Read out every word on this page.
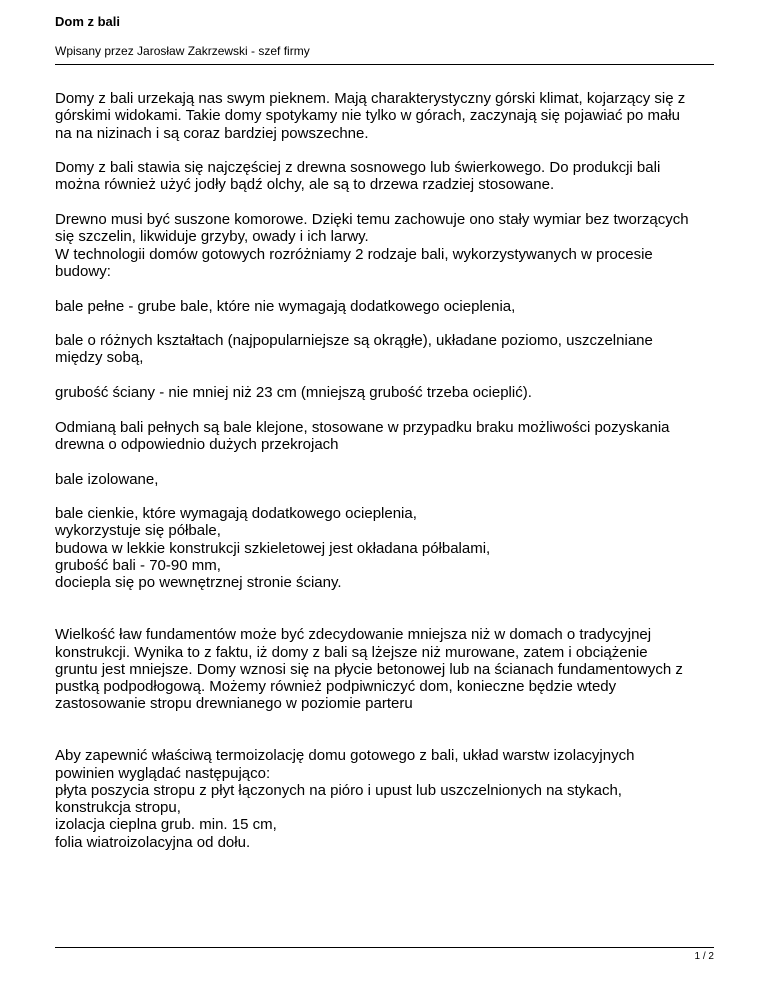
Dom z bali
Wpisany przez Jarosław Zakrzewski - szef firmy

Domy z bali urzekają nas swym pieknem. Mają charakterystyczny górski klimat, kojarzący się z
górskimi widokami. Takie domy spotykamy nie tylko w górach, zaczynają się pojawiać po mału
na na nizinach i są coraz bardziej powszechne.

Domy z bali stawia się najczęściej z drewna sosnowego lub świerkowego. Do produkcji bali
można również użyć jodły bądź olchy, ale są to drzewa rzadziej stosowane.

Drewno musi być suszone komorowe. Dzięki temu zachowuje ono stały wymiar bez tworzących
się szczelin, likwiduje grzyby, owady i ich larwy.
W technologii domów gotowych rozróżniamy 2 rodzaje bali, wykorzystywanych w procesie
budowy:

bale pełne - grube bale, które nie wymagają dodatkowego ocieplenia,

bale o różnych kształtach (najpopularniejsze są okrągłe), układane poziomo, uszczelniane
między sobą,

grubość ściany - nie mniej niż 23 cm (mniejszą grubość trzeba ocieplić).

Odmianą bali pełnych są bale klejone, stosowane w przypadku braku możliwości pozyskania
drewna o odpowiednio dużych przekrojach

bale izolowane,

bale cienkie, które wymagają dodatkowego ocieplenia,
wykorzystuje się półbale,
budowa w lekkie konstrukcji szkieletowej jest okładana półbalami,
grubość bali - 70-90 mm,
dociepla się po wewnętrznej stronie ściany.

Wielkość ław fundamentów może być zdecydowanie mniejsza niż w domach o tradycyjnej
konstrukcji. Wynika to z faktu, iż domy z bali są lżejsze niż murowane, zatem i obciążenie
gruntu jest mniejsze. Domy wznosi się na płycie betonowej lub na ścianach fundamentowych z
pustką podpodłogową. Możemy również podpiwniczyć dom, konieczne będzie wtedy
zastosowanie stropu drewnianego w poziomie parteru

Aby zapewnić właściwą termoizolację domu gotowego z bali, układ warstw izolacyjnych
powinien wyglądać następująco:
płyta poszycia stropu z płyt łączonych na pióro i upust lub uszczelnionych na stykach,
konstrukcja stropu,
izolacja cieplna grub. min. 15 cm,
folia wiatroizolacyjna od dołu.

1 / 2
